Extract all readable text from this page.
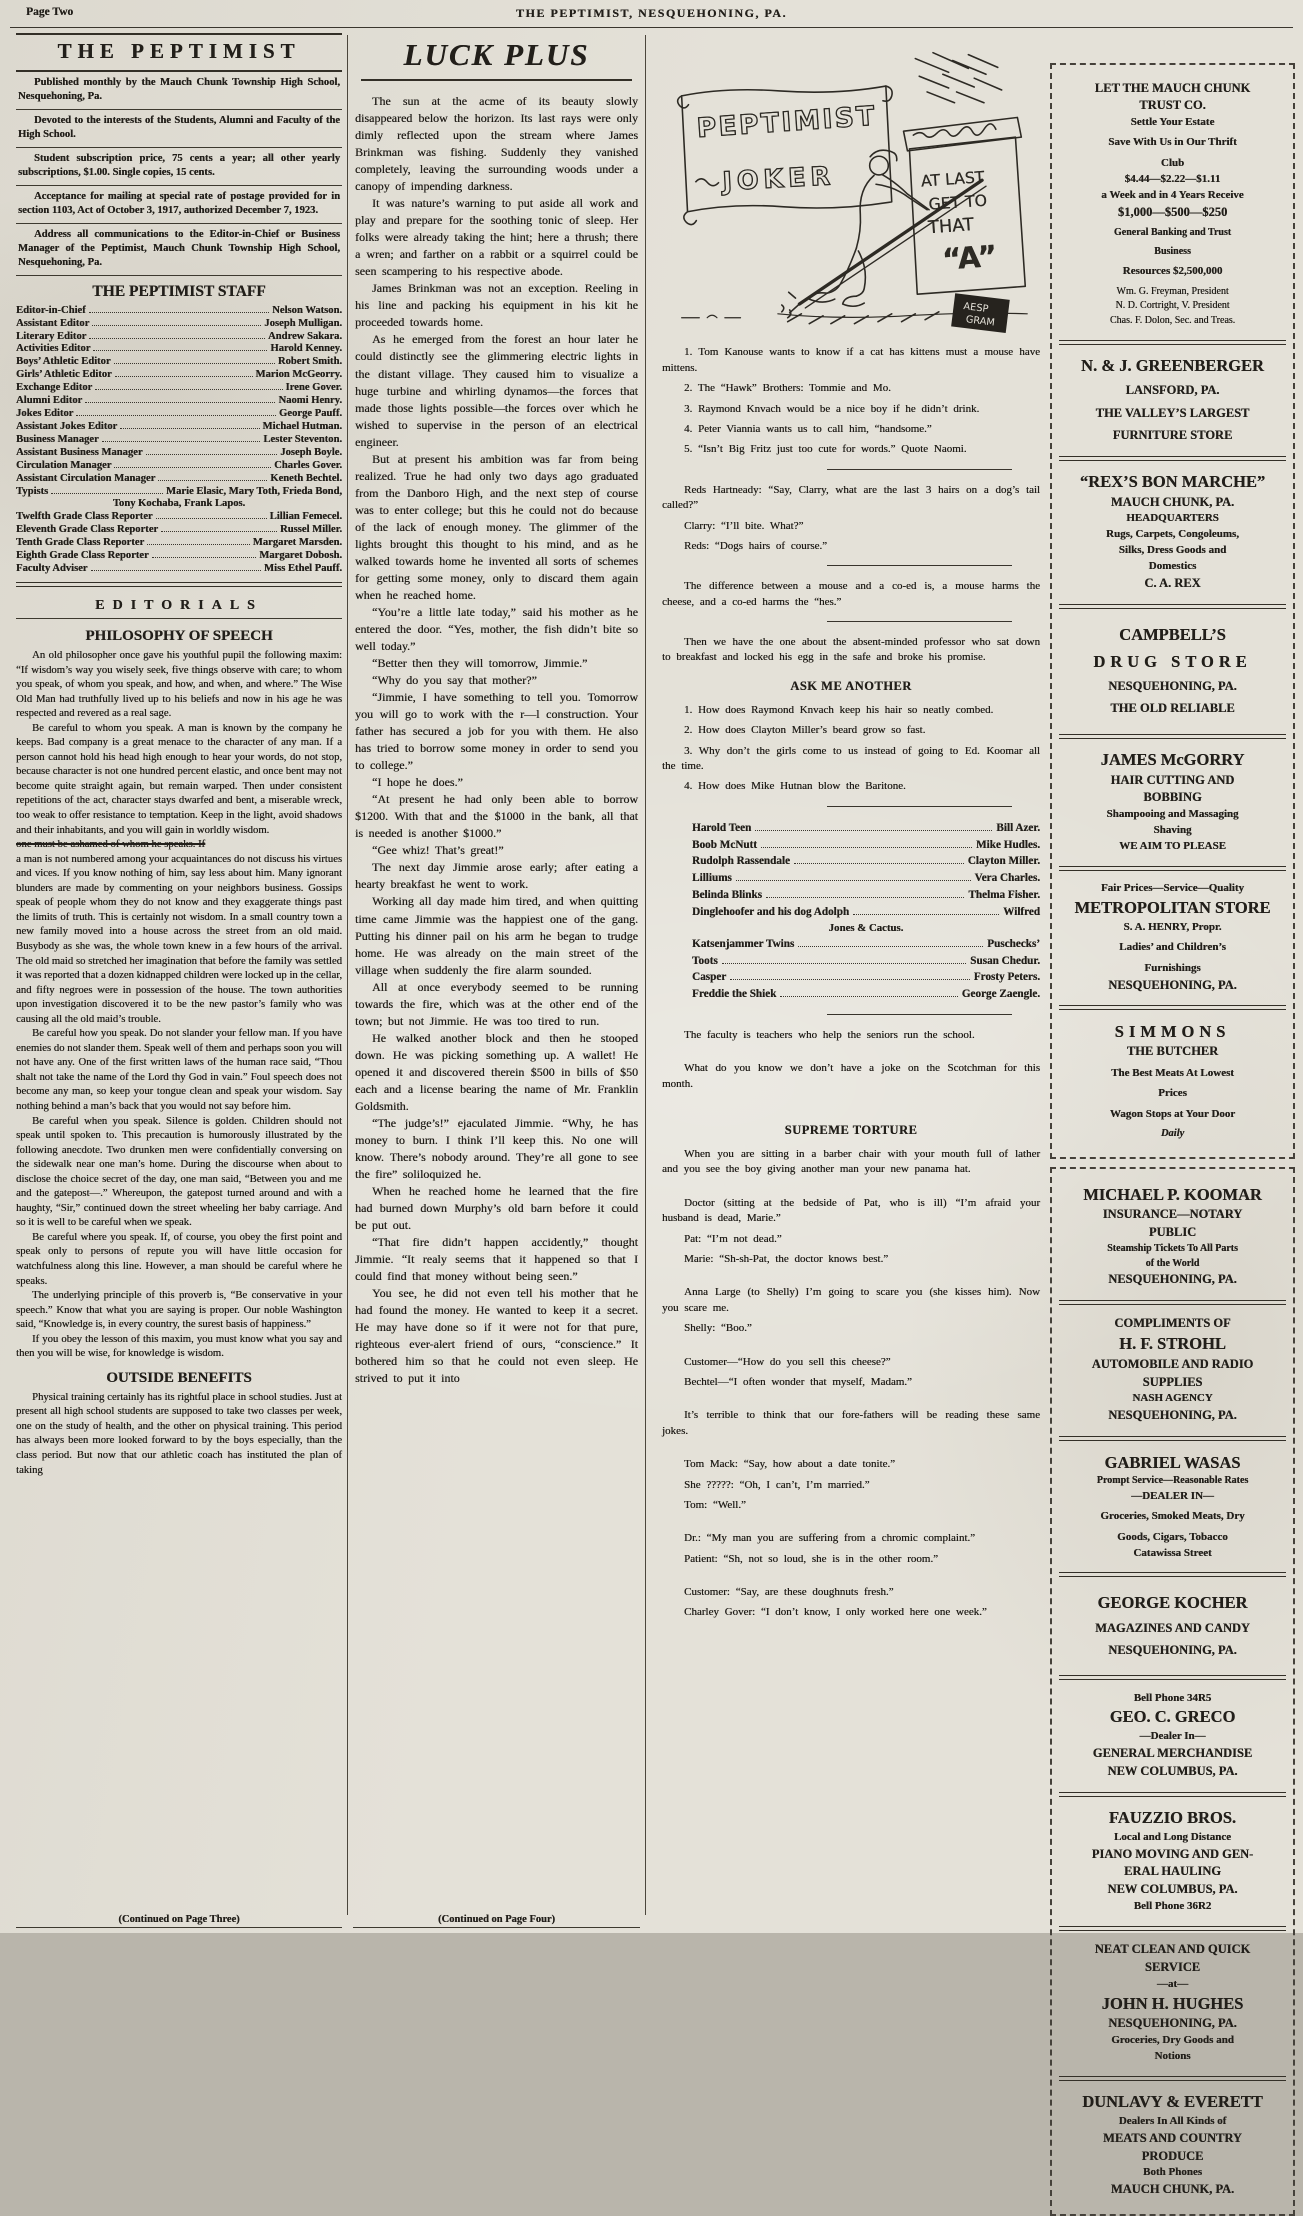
Page Two	THE PEPTIMIST, NESQUEHONING, PA.
THE PEPTIMIST

Published monthly by the Mauch Chunk Township High School, Nesquehoning, Pa.

Devoted to the interests of the Students, Alumni and Faculty of the High School.

Student subscription price, 75 cents a year; all other yearly subscriptions, $1.00. Single copies, 15 cents.

Acceptance for mailing at special rate of postage provided for in section 1103, Act of October 3, 1917, authorized December 7, 1923.

Address all communications to the Editor-in-Chief or Business Manager of the Peptimist, Mauch Chunk Township High School, Nesquehoning, Pa.

THE PEPTIMIST STAFF
Editor-in-Chief	Nelson Watson.
Assistant Editor	Joseph Mulligan.
Literary Editor	Andrew Sakara.
Activities Editor	Harold Kenney.
Boys’ Athletic Editor	Robert Smith.
Girls’ Athletic Editor	Marion McGeorry.
Exchange Editor	Irene Gover.
Alumni Editor	Naomi Henry.
Jokes Editor	George Pauff.
Assistant Jokes Editor	Michael Hutman.
Business Manager	Lester Steventon.
Assistant Business Manager	Joseph Boyle.
Circulation Manager	Charles Gover.
Assistant Circulation Manager	Keneth Bechtel.
Typists	Marie Elasic, Mary Toth, Frieda Bond,
Tony Kochaba, Frank Lapos.
Twelfth Grade Class Reporter	Lillian Femecel.
Eleventh Grade Class Reporter	Russel Miller.
Tenth Grade Class Reporter	Margaret Marsden.
Eighth Grade Class Reporter	Margaret Dobosh.
Faculty Adviser	Miss Ethel Pauff.
EDITORIALS
PHILOSOPHY OF SPEECH

An old philosopher once gave his youthful pupil the following maxim: “If wisdom’s way you wisely seek, five things observe with care; to whom you speak, of whom you speak, and how, and when, and where.” The Wise Old Man had truthfully lived up to his beliefs and now in his age he was respected and revered as a real sage.

Be careful to whom you speak. A man is known by the company he keeps. Bad company is a great menace to the character of any man. If a person cannot hold his head high enough to hear your words, do not stop, because character is not one hundred percent elastic, and once bent may not become quite straight again, but remain warped. Then under consistent repetitions of the act, character stays dwarfed and bent, a miserable wreck, too weak to offer resistance to temptation. Keep in the light, avoid shadows and their inhabitants, and you will gain in worldly wisdom.

one must be ashamed of whom he speaks. If

a man is not numbered among your acquaintances do not discuss his virtues and vices. If you know nothing of him, say less about him. Many ignorant blunders are made by commenting on your neighbors business. Gossips speak of people whom they do not know and they exaggerate things past the limits of truth. This is certainly not wisdom. In a small country town a new family moved into a house across the street from an old maid. Busybody as she was, the whole town knew in a few hours of the arrival. The old maid so stretched her imagination that before the family was settled it was reported that a dozen kidnapped children were locked up in the cellar, and fifty negroes were in possession of the house. The town authorities upon investigation discovered it to be the new pastor’s family who was causing all the old maid’s trouble.

Be careful how you speak. Do not slander your fellow man. If you have enemies do not slander them. Speak well of them and perhaps soon you will not have any. One of the first written laws of the human race said, “Thou shalt not take the name of the Lord thy God in vain.” Foul speech does not become any man, so keep your tongue clean and speak your wisdom. Say nothing behind a man’s back that you would not say before him.

Be careful when you speak. Silence is golden. Children should not speak until spoken to. This precaution is humorously illustrated by the following anecdote. Two drunken men were confidentially conversing on the sidewalk near one man’s home. During the discourse when about to disclose the choice secret of the day, one man said, “Between you and me and the gatepost—.” Whereupon, the gatepost turned around and with a haughty, “Sir,” continued down the street wheeling her baby carriage. And so it is well to be careful when we speak.

Be careful where you speak. If, of course, you obey the first point and speak only to persons of repute you will have little occasion for watchfulness along this line. However, a man should be careful where he speaks.

The underlying principle of this proverb is, “Be conservative in your speech.” Know that what you are saying is proper. Our noble Washington said, “Knowledge is, in every country, the surest basis of happiness.”

If you obey the lesson of this maxim, you must know what you say and then you will be wise, for knowledge is wisdom.

OUTSIDE BENEFITS

Physical training certainly has its rightful place in school studies. Just at present all high school students are supposed to take two classes per week, one on the study of health, and the other on physical training. This period has always been more looked forward to by the boys especially, than the class period. But now that our athletic coach has instituted the plan of taking

(Continued on Page Three)
LUCK PLUS

The sun at the acme of its beauty slowly disappeared below the horizon. Its last rays were only dimly reflected upon the stream where James Brinkman was fishing. Suddenly they vanished completely, leaving the surrounding woods under a canopy of impending darkness.

It was nature’s warning to put aside all work and play and prepare for the soothing tonic of sleep. Her folks were already taking the hint; here a thrush; there a wren; and farther on a rabbit or a squirrel could be seen scampering to his respective abode.

James Brinkman was not an exception. Reeling in his line and packing his equipment in his kit he proceeded towards home.

As he emerged from the forest an hour later he could distinctly see the glimmering electric lights in the distant village. They caused him to visualize a huge turbine and whirling dynamos—the forces that made those lights possible—the forces over which he wished to supervise in the person of an electrical engineer.

But at present his ambition was far from being realized. True he had only two days ago graduated from the Danboro High, and the next step of course was to enter college; but this he could not do because of the lack of enough money. The glimmer of the lights brought this thought to his mind, and as he walked towards home he invented all sorts of schemes for getting some money, only to discard them again when he reached home.

“You’re a little late today,” said his mother as he entered the door. “Yes, mother, the fish didn’t bite so well today.”

“Better then they will tomorrow, Jimmie.”

“Why do you say that mother?”

“Jimmie, I have something to tell you. Tomorrow you will go to work with the r—l construction. Your father has secured a job for you with them. He also has tried to borrow some money in order to send you to college.”

“I hope he does.”

“At present he had only been able to borrow $1200. With that and the $1000 in the bank, all that is needed is another $1000.”

“Gee whiz! That’s great!”

The next day Jimmie arose early; after eating a hearty breakfast he went to work.

Working all day made him tired, and when quitting time came Jimmie was the happiest one of the gang. Putting his dinner pail on his arm he began to trudge home. He was already on the main street of the village when suddenly the fire alarm sounded.

All at once everybody seemed to be running towards the fire, which was at the other end of the town; but not Jimmie. He was too tired to run.

He walked another block and then he stooped down. He was picking something up. A wallet! He opened it and discovered therein $500 in bills of $50 each and a license bearing the name of Mr. Franklin Goldsmith.

“The judge’s!” ejaculated Jimmie. “Why, he has money to burn. I think I’ll keep this. No one will know. There’s nobody around. They’re all gone to see the fire” soliloquized he.

When he reached home he learned that the fire had burned down Murphy’s old barn before it could be put out.

“That fire didn’t happen accidently,” thought Jimmie. “It realy seems that it happened so that I could find that money without being seen.”

You see, he did not even tell his mother that he had found the money. He wanted to keep it a secret. He may have done so if it were not for that pure, righteous ever-alert friend of ours, “conscience.” It bothered him so that he could not even sleep. He strived to put it into

(Continued on Page Four)
PEPTIMIST
JOKER	AT LAST
GET TO
THAT
“A”
AESP
GRAM

1. Tom Kanouse wants to know if a cat has kittens must a mouse have mittens.

2. The “Hawk” Brothers: Tommie and Mo.

3. Raymond Knvach would be a nice boy if he didn’t drink.

4. Peter Viannia wants us to call him, “handsome.”

5. “Isn’t Big Fritz just too cute for words.” Quote Naomi.

Reds Hartneady: “Say, Clarry, what are the last 3 hairs on a dog’s tail called?”

Clarry: “I’ll bite. What?”

Reds: “Dogs hairs of course.”

The difference between a mouse and a co-ed is, a mouse harms the cheese, and a co-ed harms the “hes.”

Then we have the one about the absent-minded professor who sat down to breakfast and locked his egg in the safe and broke his promise.

ASK ME ANOTHER

1. How does Raymond Knvach keep his hair so neatly combed.

2. How does Clayton Miller’s beard grow so fast.

3. Why don’t the girls come to us instead of going to Ed. Koomar all the time.

4. How does Mike Hutnan blow the Baritone.

Harold Teen	Bill Azer.
Boob McNutt	Mike Hudles.
Rudolph Rassendale	Clayton Miller.
Lilliums	Vera Charles.
Belinda Blinks	Thelma Fisher.
Dinglehoofer and his dog Adolph	Wilfred
Jones & Cactus.
Katsenjammer Twins	Puschecks’
Toots	Susan Chedur.
Casper	Frosty Peters.
Freddie the Shiek	George Zaengle.

The faculty is teachers who help the seniors run the school.

What do you know we don’t have a joke on the Scotchman for this month.

SUPREME TORTURE

When you are sitting in a barber chair with your mouth full of lather and you see the boy giving another man your new panama hat.

Doctor (sitting at the bedside of Pat, who is ill) “I’m afraid your husband is dead, Marie.”

Pat: “I’m not dead.”

Marie: “Sh-sh-Pat, the doctor knows best.”

Anna Large (to Shelly) I’m going to scare you (she kisses him). Now you scare me.

Shelly: “Boo.”

Customer—“How do you sell this cheese?”

Bechtel—“I often wonder that myself, Madam.”

It’s terrible to think that our fore-fathers will be reading these same jokes.

Tom Mack: “Say, how about a date tonite.”

She ?????: “Oh, I can’t, I’m married.”

Tom: “Well.”

Dr.: “My man you are suffering from a chromic complaint.”

Patient: “Sh, not so loud, she is in the other room.”

Customer: “Say, are these doughnuts fresh.”

Charley Gover: “I don’t know, I only worked here one week.”

LET THE MAUCH CHUNK
TRUST CO.
Settle Your Estate
Save With Us in Our Thrift
Club
$4.44—$2.22—$1.11
a Week and in 4 Years Receive
$1,000—$500—$250
General Banking and Trust
Business
Resources $2,500,000
Wm. G. Freyman, President
N. D. Cortright, V. President
Chas. F. Dolon, Sec. and Treas.
N. & J. GREENBERGER
LANSFORD, PA.
THE VALLEY’S LARGEST
FURNITURE STORE
“REX’S BON MARCHE”
MAUCH CHUNK, PA.
HEADQUARTERS
Rugs, Carpets, Congoleums,
Silks, Dress Goods and
Domestics
C. A. REX
CAMPBELL’S
DRUG STORE
NESQUEHONING, PA.
THE OLD RELIABLE
JAMES McGORRY
HAIR CUTTING AND
BOBBING
Shampooing and Massaging
Shaving
WE AIM TO PLEASE
Fair Prices—Service—Quality
METROPOLITAN STORE
S. A. HENRY, Propr.
Ladies’ and Children’s
Furnishings
NESQUEHONING, PA.
SIMMONS
THE BUTCHER
The Best Meats At Lowest
Prices
Wagon Stops at Your Door
Daily
MICHAEL P. KOOMAR
INSURANCE—NOTARY
PUBLIC
Steamship Tickets To All Parts
of the World
NESQUEHONING, PA.
COMPLIMENTS OF
H. F. STROHL
AUTOMOBILE AND RADIO
SUPPLIES
NASH AGENCY
NESQUEHONING, PA.
GABRIEL WASAS
Prompt Service—Reasonable Rates
—DEALER IN—
Groceries, Smoked Meats, Dry
Goods, Cigars, Tobacco
Catawissa Street
GEORGE KOCHER
MAGAZINES AND CANDY
NESQUEHONING, PA.
Bell Phone 34R5
GEO. C. GRECO
—Dealer In—
GENERAL MERCHANDISE
NEW COLUMBUS, PA.
FAUZZIO BROS.
Local and Long Distance
PIANO MOVING AND GEN-
ERAL HAULING
NEW COLUMBUS, PA.
Bell Phone 36R2
NEAT CLEAN AND QUICK
SERVICE
—at—
JOHN H. HUGHES
NESQUEHONING, PA.
Groceries, Dry Goods and
Notions
DUNLAVY & EVERETT
Dealers In All Kinds of
MEATS AND COUNTRY
PRODUCE
Both Phones
MAUCH CHUNK, PA.
